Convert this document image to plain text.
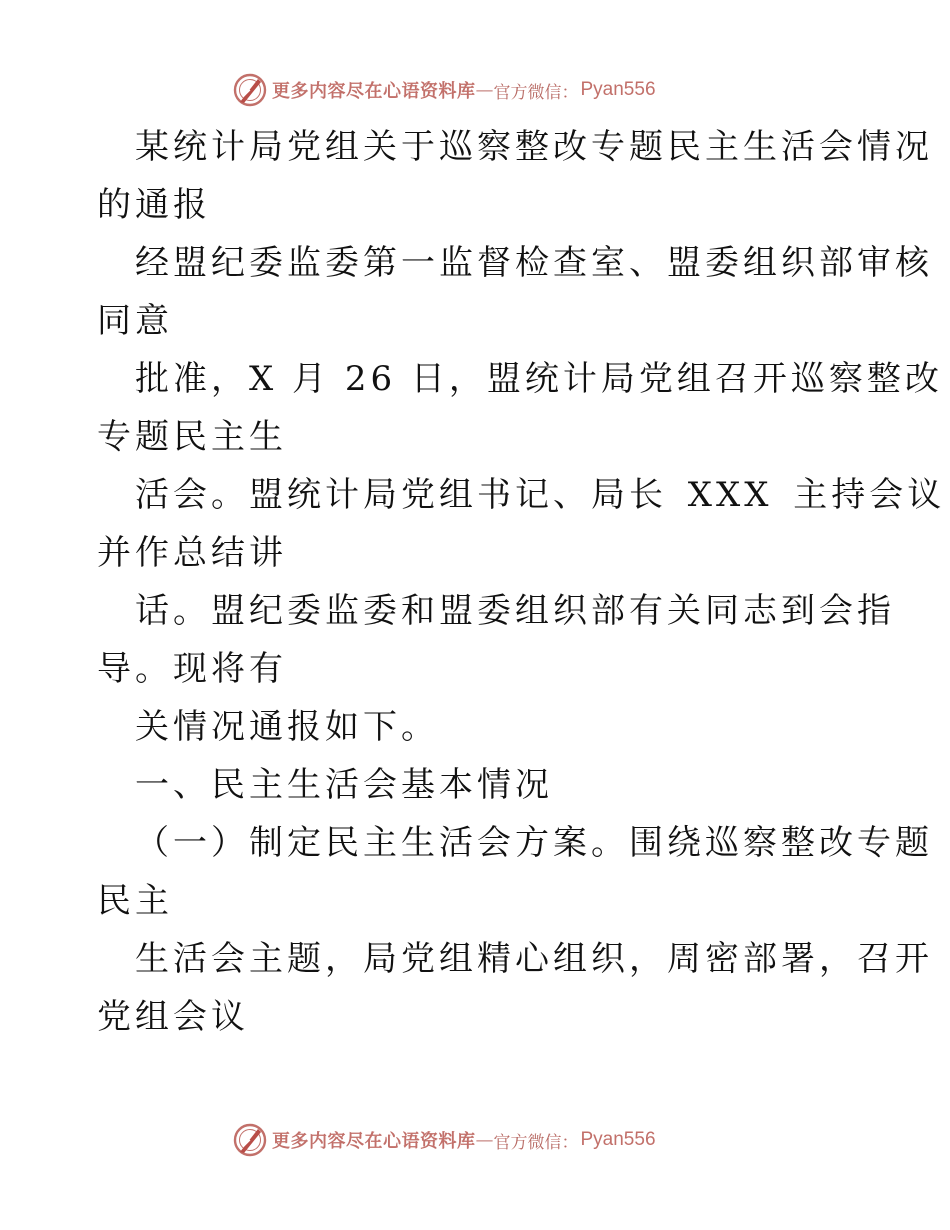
更多内容尽在心语资料库 — 官方微信： Pyan556
某统计局党组关于巡察整改专题民主生活会情况
的通报
经盟纪委监委第一监督检查室、盟委组织部审核
同意
批准，X 月 26 日，盟统计局党组召开巡察整改
专题民主生
活会。盟统计局党组书记、局长 XXX 主持会议
并作总结讲
话。盟纪委监委和盟委组织部有关同志到会指
导。现将有
关情况通报如下。
一、民主生活会基本情况
（一）制定民主生活会方案。围绕巡察整改专题
民主
生活会主题，局党组精心组织，周密部署，召开
党组会议
更多内容尽在心语资料库 — 官方微信： Pyan556
